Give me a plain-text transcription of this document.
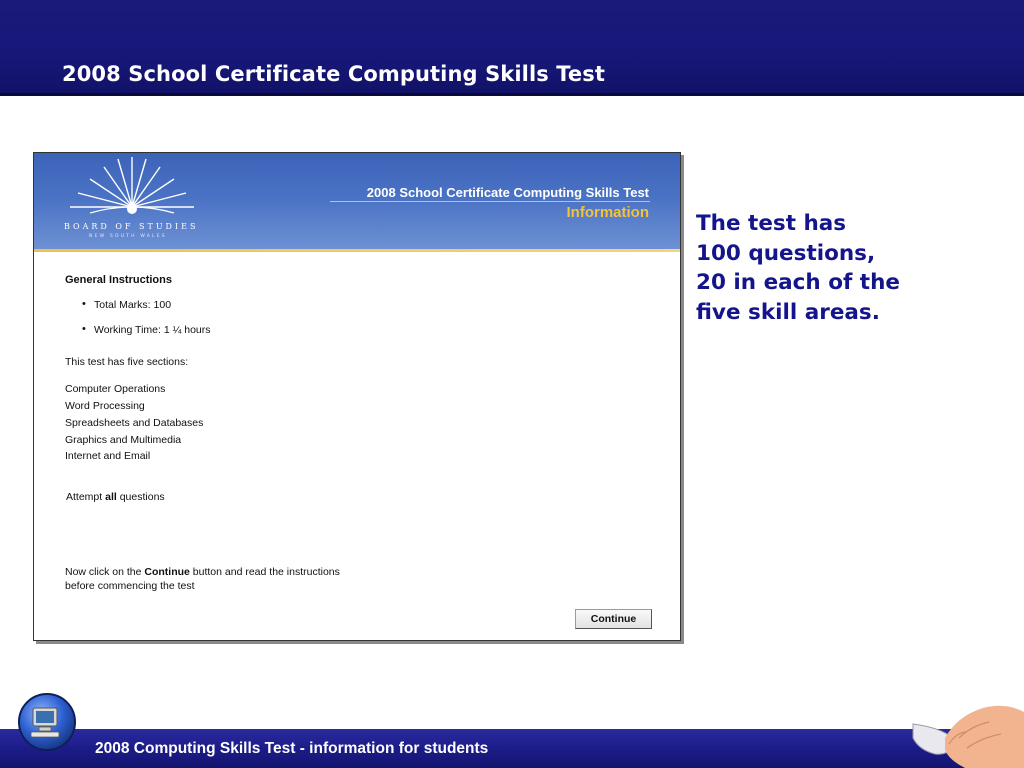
2008 School Certificate Computing Skills Test
BOARD OF STUDIES
NEW SOUTH WALES
2008 School Certificate Computing Skills Test
Information
General Instructions
• Total Marks: 100
• Working Time: 1 ¼ hours
This test has five sections:
Computer Operations
Word Processing
Spreadsheets and Databases
Graphics and Multimedia
Internet and Email
Attempt all questions
Now click on the Continue button and read the instructions
before commencing the test
Continue
The test has
100 questions,
20 in each of the
five skill areas.
2008 Computing Skills Test - information for students
